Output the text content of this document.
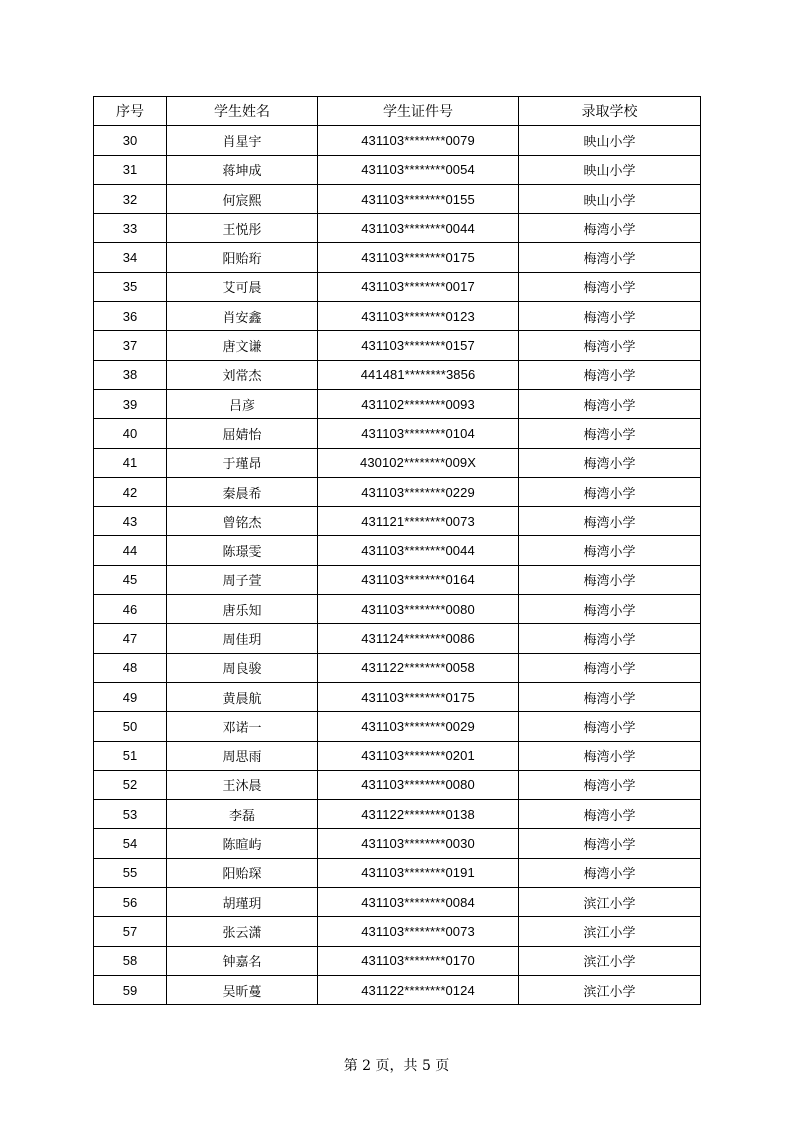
序号	学生姓名	学生证件号	录取学校
30	肖星宇	431103********0079	映山小学
31	蒋坤成	431103********0054	映山小学
32	何宸熙	431103********0155	映山小学
33	王悦彤	431103********0044	梅湾小学
34	阳贻珩	431103********0175	梅湾小学
35	艾可晨	431103********0017	梅湾小学
36	肖安鑫	431103********0123	梅湾小学
37	唐文谦	431103********0157	梅湾小学
38	刘常杰	441481********3856	梅湾小学
39	吕彦	431102********0093	梅湾小学
40	屈婧怡	431103********0104	梅湾小学
41	于瑾昂	430102********009X	梅湾小学
42	秦晨希	431103********0229	梅湾小学
43	曾铭杰	431121********0073	梅湾小学
44	陈璟雯	431103********0044	梅湾小学
45	周子萱	431103********0164	梅湾小学
46	唐乐知	431103********0080	梅湾小学
47	周佳玥	431124********0086	梅湾小学
48	周良骏	431122********0058	梅湾小学
49	黄晨航	431103********0175	梅湾小学
50	邓诺一	431103********0029	梅湾小学
51	周思雨	431103********0201	梅湾小学
52	王沐晨	431103********0080	梅湾小学
53	李磊	431122********0138	梅湾小学
54	陈暄屿	431103********0030	梅湾小学
55	阳贻琛	431103********0191	梅湾小学
56	胡瑾玥	431103********0084	滨江小学
57	张云潇	431103********0073	滨江小学
58	钟嘉名	431103********0170	滨江小学
59	吴昕蔓	431122********0124	滨江小学
第 2 页，共 5 页
